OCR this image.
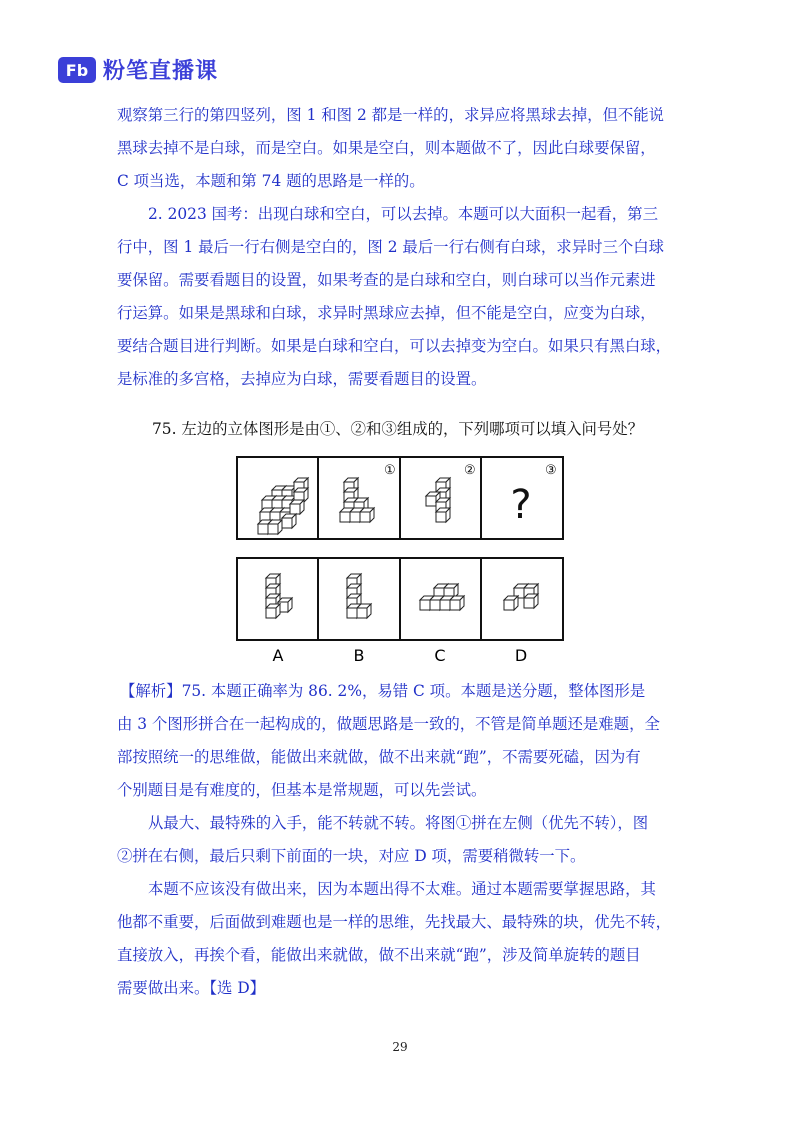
Fb 粉笔直播课
观察第三行的第四竖列，图 1 和图 2 都是一样的，求异应将黑球去掉，但不能说
黑球去掉不是白球，而是空白。如果是空白，则本题做不了，因此白球要保留，
C 项当选，本题和第 74 题的思路是一样的。
2. 2023 国考：出现白球和空白，可以去掉。本题可以大面积一起看，第三
行中，图 1 最后一行右侧是空白的，图 2 最后一行右侧有白球，求异时三个白球
要保留。需要看题目的设置，如果考查的是白球和空白，则白球可以当作元素进
行运算。如果是黑球和白球，求异时黑球应去掉，但不能是空白，应变为白球，
要结合题目进行判断。如果是白球和空白，可以去掉变为空白。如果只有黑白球，
是标准的多宫格，去掉应为白球，需要看题目的设置。
75. 左边的立体图形是由①、②和③组成的，下列哪项可以填入问号处？
①	②	③
?
A	B	C	D
【解析】75. 本题正确率为 86. 2%，易错 C 项。本题是送分题，整体图形是
由 3 个图形拼合在一起构成的，做题思路是一致的，不管是简单题还是难题，全
部按照统一的思维做，能做出来就做，做不出来就“跑”，不需要死磕，因为有
个别题目是有难度的，但基本是常规题，可以先尝试。
从最大、最特殊的入手，能不转就不转。将图①拼在左侧（优先不转），图
②拼在右侧，最后只剩下前面的一块，对应 D 项，需要稍微转一下。
本题不应该没有做出来，因为本题出得不太难。通过本题需要掌握思路，其
他都不重要，后面做到难题也是一样的思维，先找最大、最特殊的块，优先不转，
直接放入，再挨个看，能做出来就做，做不出来就“跑”，涉及简单旋转的题目
需要做出来。【选 D】
29
